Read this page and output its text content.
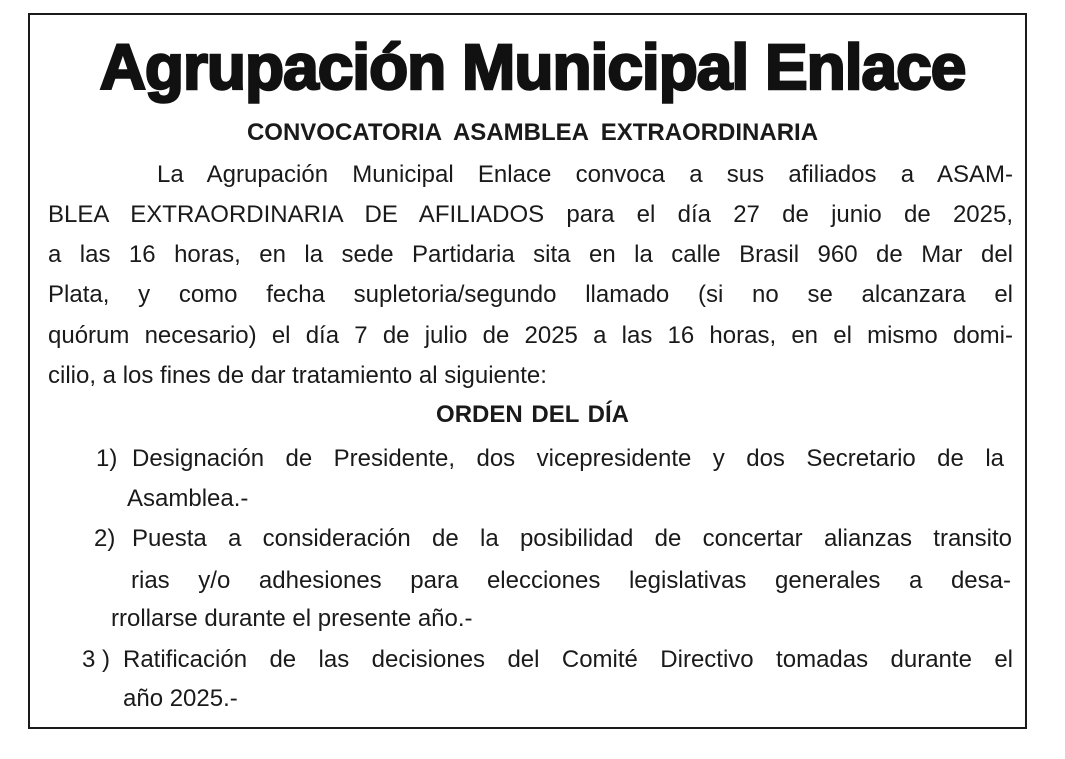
Agrupación Municipal Enlace
CONVOCATORIA ASAMBLEA EXTRAORDINARIA
La Agrupación Municipal Enlace convoca a sus afiliados a ASAM-
BLEA EXTRAORDINARIA DE AFILIADOS para el día 27 de junio de 2025,
a las 16 horas, en la sede Partidaria sita en la calle Brasil 960 de Mar del
Plata, y como fecha supletoria/segundo llamado (si no se alcanzara el
quórum necesario) el día 7 de julio de 2025 a las 16 horas, en el mismo domi-
cilio, a los fines de dar tratamiento al siguiente:
ORDEN DEL DÍA
1) Designación de Presidente, dos vicepresidente y dos Secretario de la
Asamblea.-
2) Puesta a consideración de la posibilidad de concertar alianzas transito
rias y/o adhesiones para elecciones legislativas generales a desa-
rrollarse durante el presente año.-
3 ) Ratificación de las decisiones del Comité Directivo tomadas durante el
año 2025.-
